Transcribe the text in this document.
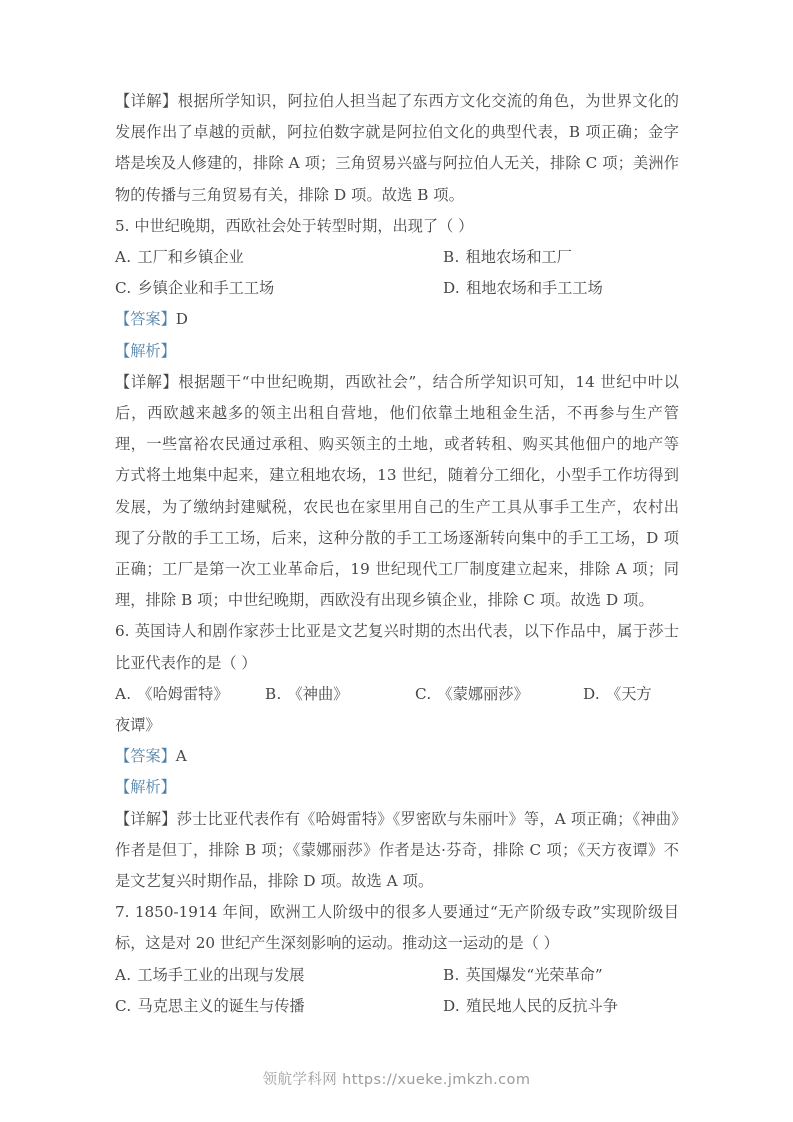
【详解】根据所学知识，阿拉伯人担当起了东西方文化交流的角色，为世界文化的发展作出了卓越的贡献，阿拉伯数字就是阿拉伯文化的典型代表，B 项正确；金字塔是埃及人修建的，排除 A 项；三角贸易兴盛与阿拉伯人无关，排除 C 项；美洲作物的传播与三角贸易有关，排除 D 项。故选 B 项。

5. 中世纪晚期，西欧社会处于转型时期，出现了（ ）

A. 工厂和乡镇企业	B. 租地农场和工厂
C. 乡镇企业和手工工场	D. 租地农场和手工工场

【答案】D

【解析】

【详解】根据题干“中世纪晚期，西欧社会”，结合所学知识可知，14 世纪中叶以后，西欧越来越多的领主出租自营地，他们依靠土地租金生活，不再参与生产管理，一些富裕农民通过承租、购买领主的土地，或者转租、购买其他佃户的地产等方式将土地集中起来，建立租地农场，13 世纪，随着分工细化，小型手工作坊得到发展，为了缴纳封建赋税，农民也在家里用自己的生产工具从事手工生产，农村出现了分散的手工工场，后来，这种分散的手工工场逐渐转向集中的手工工场，D 项正确；工厂是第一次工业革命后，19 世纪现代工厂制度建立起来，排除 A 项；同理，排除 B 项；中世纪晚期，西欧没有出现乡镇企业，排除 C 项。故选 D 项。

6. 英国诗人和剧作家莎士比亚是文艺复兴时期的杰出代表，以下作品中，属于莎士比亚代表作的是（ ）

A. 《哈姆雷特》 B. 《神曲》	C. 《蒙娜丽莎》	D. 《天方

夜谭》

【答案】A

【解析】

【详解】莎士比亚代表作有《哈姆雷特》《罗密欧与朱丽叶》等，A 项正确；《神曲》作者是但丁，排除 B 项；《蒙娜丽莎》作者是达·芬奇，排除 C 项；《天方夜谭》不是文艺复兴时期作品，排除 D 项。故选 A 项。

7. 1850-1914 年间，欧洲工人阶级中的很多人要通过“无产阶级专政”实现阶级目标，这是对 20 世纪产生深刻影响的运动。推动这一运动的是（ ）

A. 工场手工业的出现与发展	B. 英国爆发“光荣革命”
C. 马克思主义的诞生与传播	D. 殖民地人民的反抗斗争
领航学科网 https://xueke.jmkzh.com
